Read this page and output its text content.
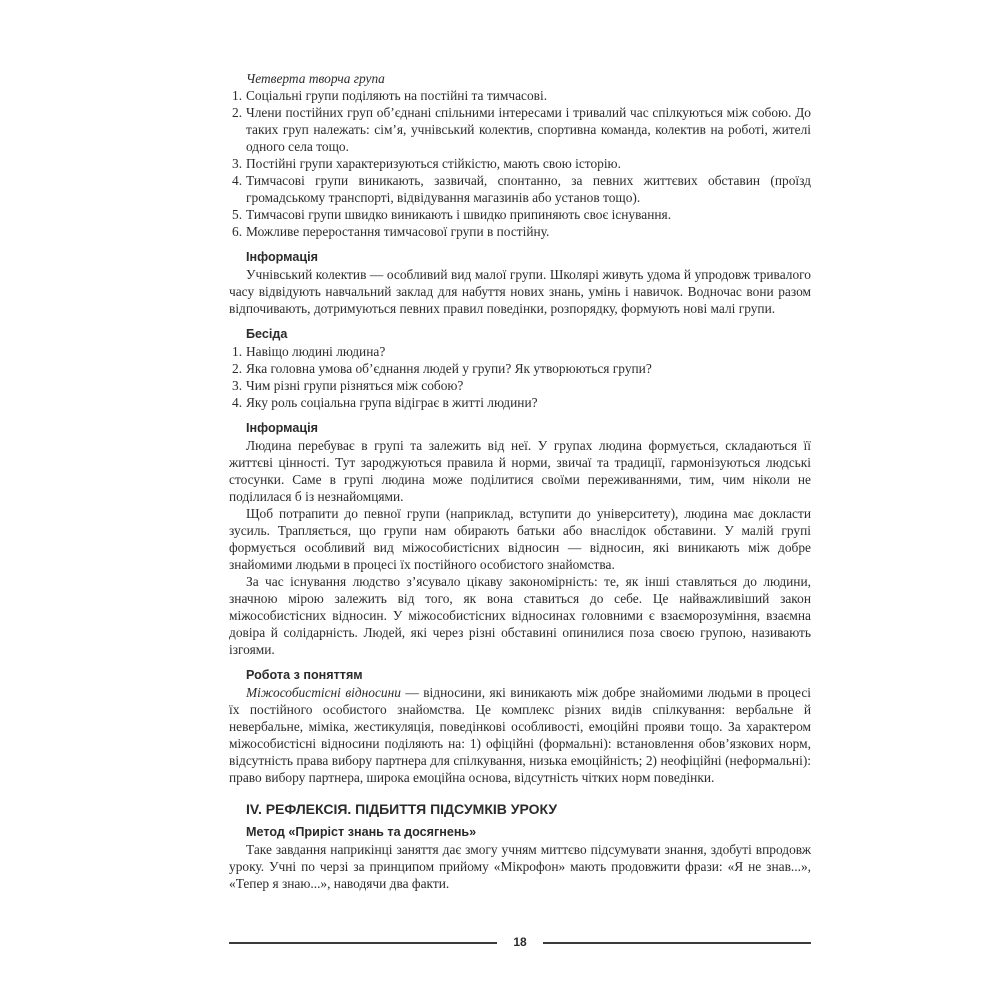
Четверта творча група
1. Соціальні групи поділяють на постійні та тимчасові.
2. Члени постійних груп об’єднані спільними інтересами і тривалий час спілкуються між собою. До таких груп належать: сім’я, учнівський колектив, спортивна команда, колектив на роботі, жителі одного села тощо.
3. Постійні групи характеризуються стійкістю, мають свою історію.
4. Тимчасові групи виникають, зазвичай, спонтанно, за певних життєвих обставин (проїзд громадському транспорті, відвідування магазинів або установ тощо).
5. Тимчасові групи швидко виникають і швидко припиняють своє існування.
6. Можливе переростання тимчасової групи в постійну.
Інформація

Учнівський колектив — особливий вид малої групи. Школярі живуть удома й упродовж тривалого часу відвідують навчальний заклад для набуття нових знань, умінь і навичок. Водночас вони разом відпочивають, дотримуються певних правил поведінки, розпорядку, формують нові малі групи.

Бесіда
1. Навіщо людині людина?
2. Яка головна умова об’єднання людей у групи? Як утворюються групи?
3. Чим різні групи різняться між собою?
4. Яку роль соціальна група відіграє в житті людини?
Інформація

Людина перебуває в групі та залежить від неї. У групах людина формується, складаються її життєві цінності. Тут зароджуються правила й норми, звичаї та традиції, гармонізуються людські стосунки. Саме в групі людина може поділитися своїми переживаннями, тим, чим ніколи не поділилася б із незнайомцями.

Щоб потрапити до певної групи (наприклад, вступити до університету), людина має докласти зусиль. Трапляється, що групи нам обирають батьки або внаслідок обставини. У малій групі формується особливий вид міжособистісних відносин — відносин, які виникають між добре знайомими людьми в процесі їх постійного особистого знайомства.

За час існування людство з’ясувало цікаву закономірність: те, як інші ставляться до людини, значною мірою залежить від того, як вона ставиться до себе. Це найважливіший закон міжособистісних відносин. У міжособистісних відносинах головними є взаєморозуміння, взаємна довіра й солідарність. Людей, які через різні обставині опинилися поза своєю групою, називають ізгоями.

Робота з поняттям

Міжособистісні відносини — відносини, які виникають між добре знайомими людьми в процесі їх постійного особистого знайомства. Це комплекс різних видів спілкування: вербальне й невербальне, міміка, жестикуляція, поведінкові особливості, емоційні прояви тощо. За характером міжособистісні відносини поділяють на: 1) офіційні (формальні): встановлення обов’язкових норм, відсутність права вибору партнера для спілкування, низька емоційність; 2) неофіційні (неформальні): право вибору партнера, широка емоційна основа, відсутність чітких норм поведінки.

IV. РЕФЛЕКСІЯ. ПІДБИТТЯ ПІДСУМКІВ УРОКУ
Метод «Приріст знань та досягнень»

Таке завдання наприкінці заняття дає змогу учням миттєво підсумувати знання, здобуті впродовж уроку. Учні по черзі за принципом прийому «Мікрофон» мають продовжити фрази: «Я не знав...», «Тепер я знаю...», наводячи два факти.

18
